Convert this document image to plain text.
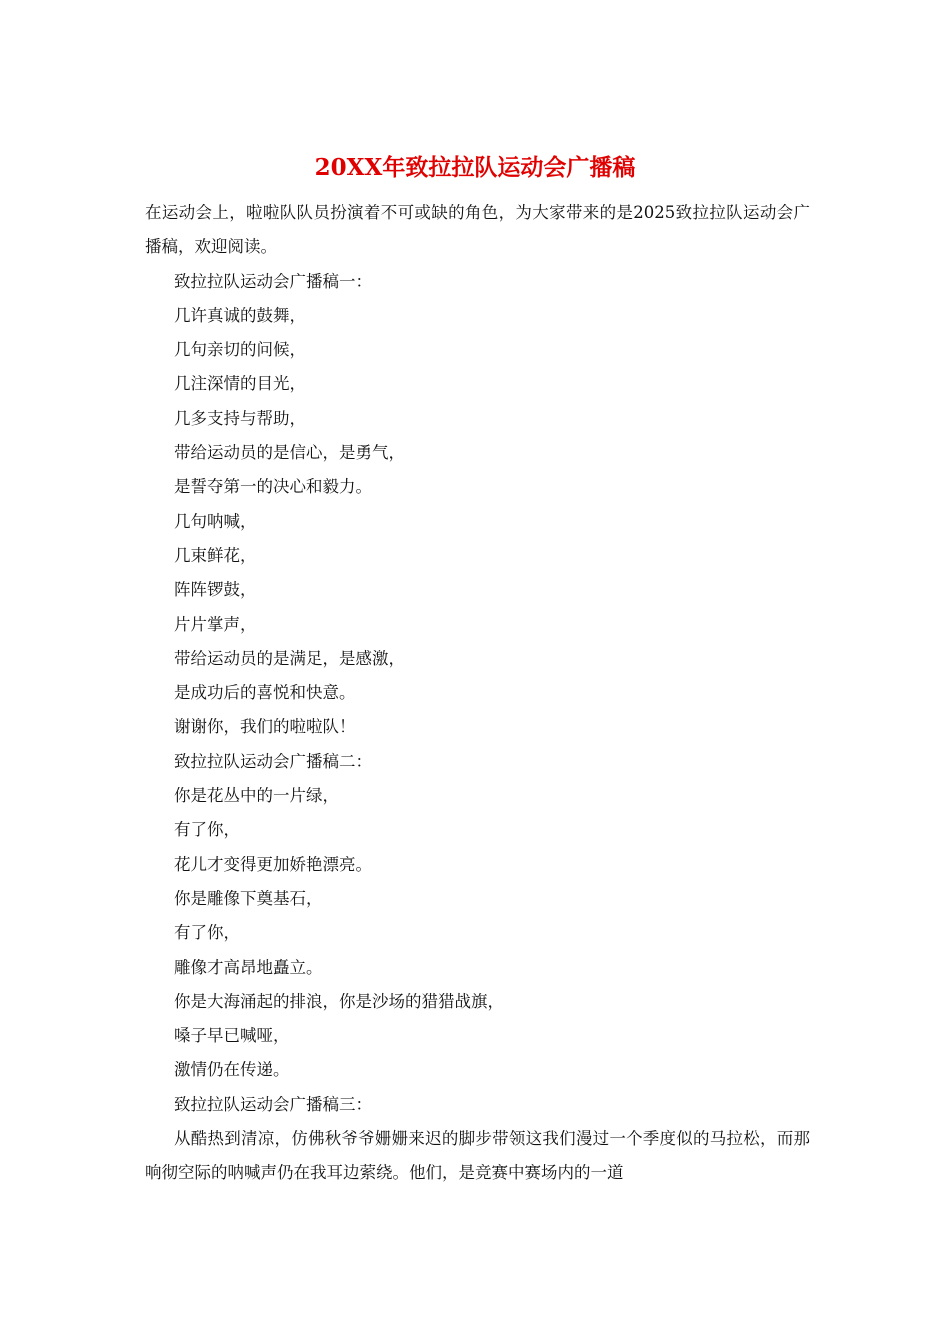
20XX年致拉拉队运动会广播稿

在运动会上，啦啦队队员扮演着不可或缺的角色，为大家带来的是2025致拉拉队运动会广播稿，欢迎阅读。

致拉拉队运动会广播稿一：

几许真诚的鼓舞，

几句亲切的问候，

几注深情的目光，

几多支持与帮助，

带给运动员的是信心，是勇气，

是誓夺第一的决心和毅力。

几句呐喊，

几束鲜花，

阵阵锣鼓，

片片掌声，

带给运动员的是满足，是感激，

是成功后的喜悦和快意。

谢谢你，我们的啦啦队！

致拉拉队运动会广播稿二：

你是花丛中的一片绿，

有了你，

花儿才变得更加娇艳漂亮。

你是雕像下奠基石，

有了你，

雕像才高昂地矗立。

你是大海涌起的排浪，你是沙场的猎猎战旗，

嗓子早已喊哑，

激情仍在传递。

致拉拉队运动会广播稿三：

从酷热到清凉，仿佛秋爷爷姗姗来迟的脚步带领这我们漫过一个季度似的马拉松，而那响彻空际的呐喊声仍在我耳边萦绕。他们，是竞赛中赛场内的一道
